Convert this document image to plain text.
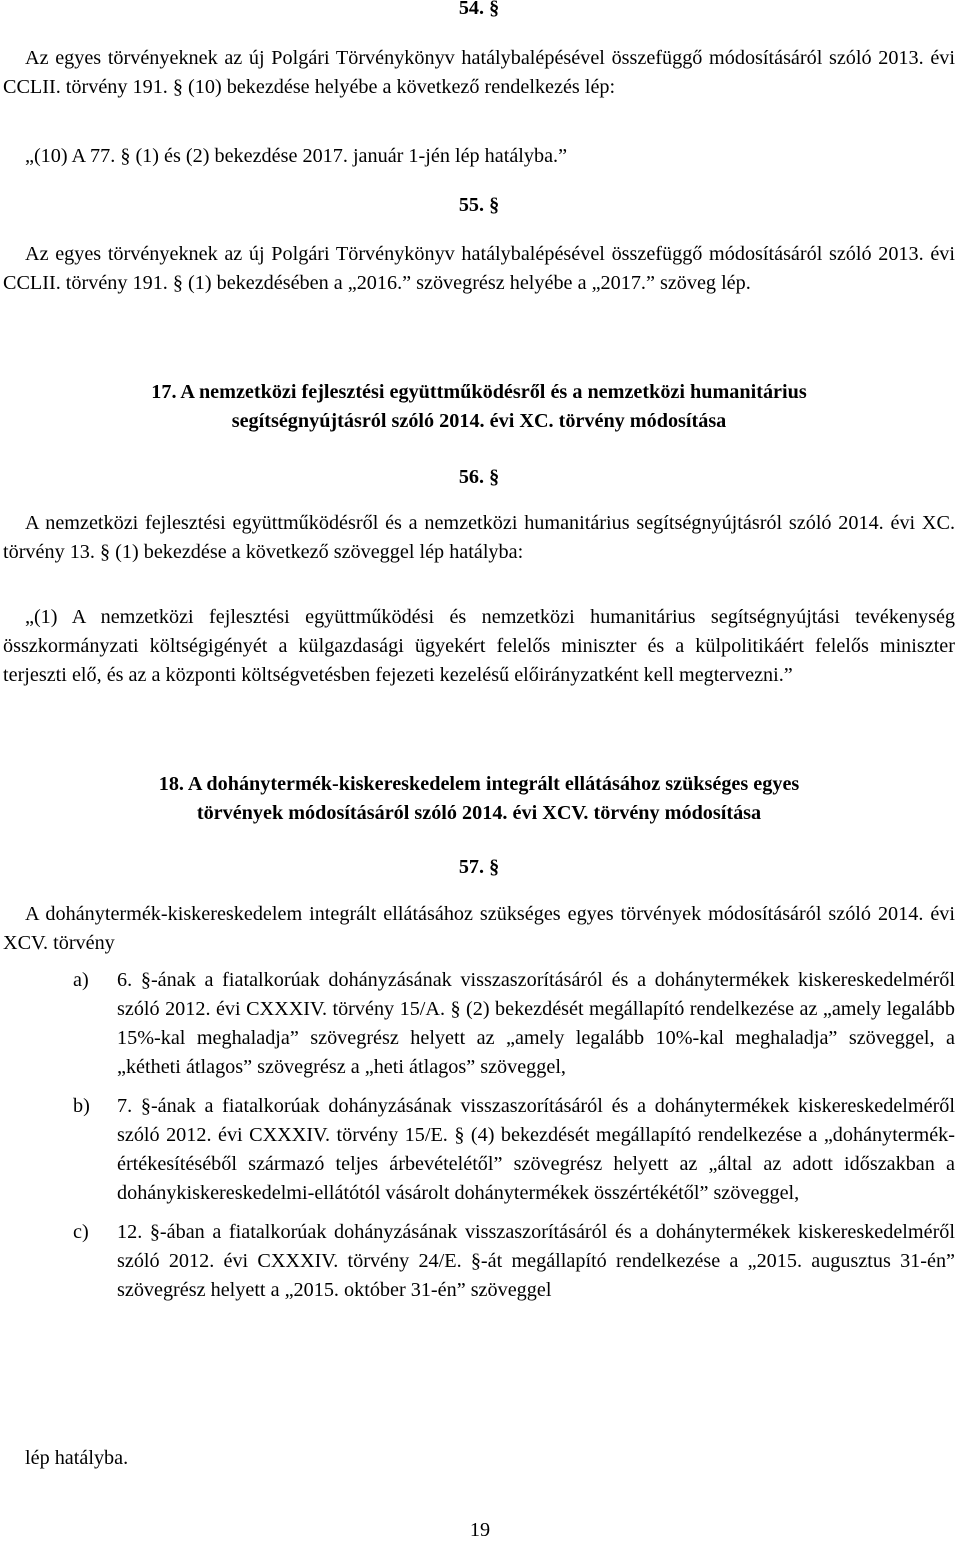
54. §

Az egyes törvényeknek az új Polgári Törvénykönyv hatálybalépésével összefüggő módosításáról szóló 2013. évi CCLII. törvény 191. § (10) bekezdése helyébe a következő rendelkezés lép:

„(10) A 77. § (1) és (2) bekezdése 2017. január 1-jén lép hatályba.”

55. §

Az egyes törvényeknek az új Polgári Törvénykönyv hatálybalépésével összefüggő módosításáról szóló 2013. évi CCLII. törvény 191. § (1) bekezdésében a „2016.” szövegrész helyébe a „2017.” szöveg lép.

17. A nemzetközi fejlesztési együttműködésről és a nemzetközi humanitárius
segítségnyújtásról szóló 2014. évi XC. törvény módosítása
56. §

A nemzetközi fejlesztési együttműködésről és a nemzetközi humanitárius segítségnyújtásról szóló 2014. évi XC. törvény 13. § (1) bekezdése a következő szöveggel lép hatályba:

„(1) A nemzetközi fejlesztési együttműködési és nemzetközi humanitárius segítségnyújtási tevékenység összkormányzati költségigényét a külgazdasági ügyekért felelős miniszter és a külpolitikáért felelős miniszter terjeszti elő, és az a központi költségvetésben fejezeti kezelésű előirányzatként kell megtervezni.”

18. A dohánytermék-kiskereskedelem integrált ellátásához szükséges egyes
törvények módosításáról szóló 2014. évi XCV. törvény módosítása
57. §

A dohánytermék-kiskereskedelem integrált ellátásához szükséges egyes törvények módosításáról szóló 2014. évi XCV. törvény

a) 6. §-ának a fiatalkorúak dohányzásának visszaszorításáról és a dohánytermékek kiskereskedelméről szóló 2012. évi CXXXIV. törvény 15/A. § (2) bekezdését megállapító rendelkezése az „amely legalább 15%-kal meghaladja” szövegrész helyett az „amely legalább 10%-kal meghaladja” szöveggel, a „kétheti átlagos” szövegrész a „heti átlagos” szöveggel,
b) 7. §-ának a fiatalkorúak dohányzásának visszaszorításáról és a dohánytermékek kiskereskedelméről szóló 2012. évi CXXXIV. törvény 15/E. § (4) bekezdését megállapító rendelkezése a „dohánytermék-értékesítéséből származó teljes árbevételétől” szövegrész helyett az „által az adott időszakban a dohánykiskereskedelmi-ellátótól vásárolt dohánytermékek összértékétől” szöveggel,
c) 12. §-ában a fiatalkorúak dohányzásának visszaszorításáról és a dohánytermékek kiskereskedelméről szóló 2012. évi CXXXIV. törvény 24/E. §-át megállapító rendelkezése a „2015. augusztus 31-én” szövegrész helyett a „2015. október 31-én” szöveggel
lép hatályba.
19
